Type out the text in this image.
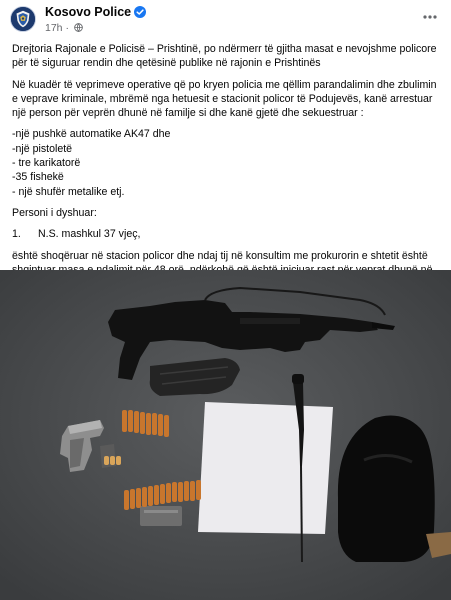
Kosovo Police
17h ·

Drejtoria Rajonale e Policisë – Prishtinë, po ndërmerr të gjitha masat e nevojshme policore për të siguruar rendin dhe qetësinë publike në rajonin e Prishtinës

Në kuadër të veprimeve operative që po kryen policia me qëllim parandalimin dhe zbulimin e veprave kriminale, mbrëmë nga hetuesit e stacionit policor të Podujevës, kanë arrestuar një person për veprën dhunë në familje si dhe kanë gjetë dhe sekuestruar :

-një pushkë automatike AK47 dhe

-një pistoletë

- tre karikatorë

-35 fishekë

- një shufër metalike etj.

Personi i dyshuar:

1. N.S. mashkul 37 vjeç,

është shoqëruar në stacion policor dhe ndaj tij në konsultim me prokurorin e shtetit është
